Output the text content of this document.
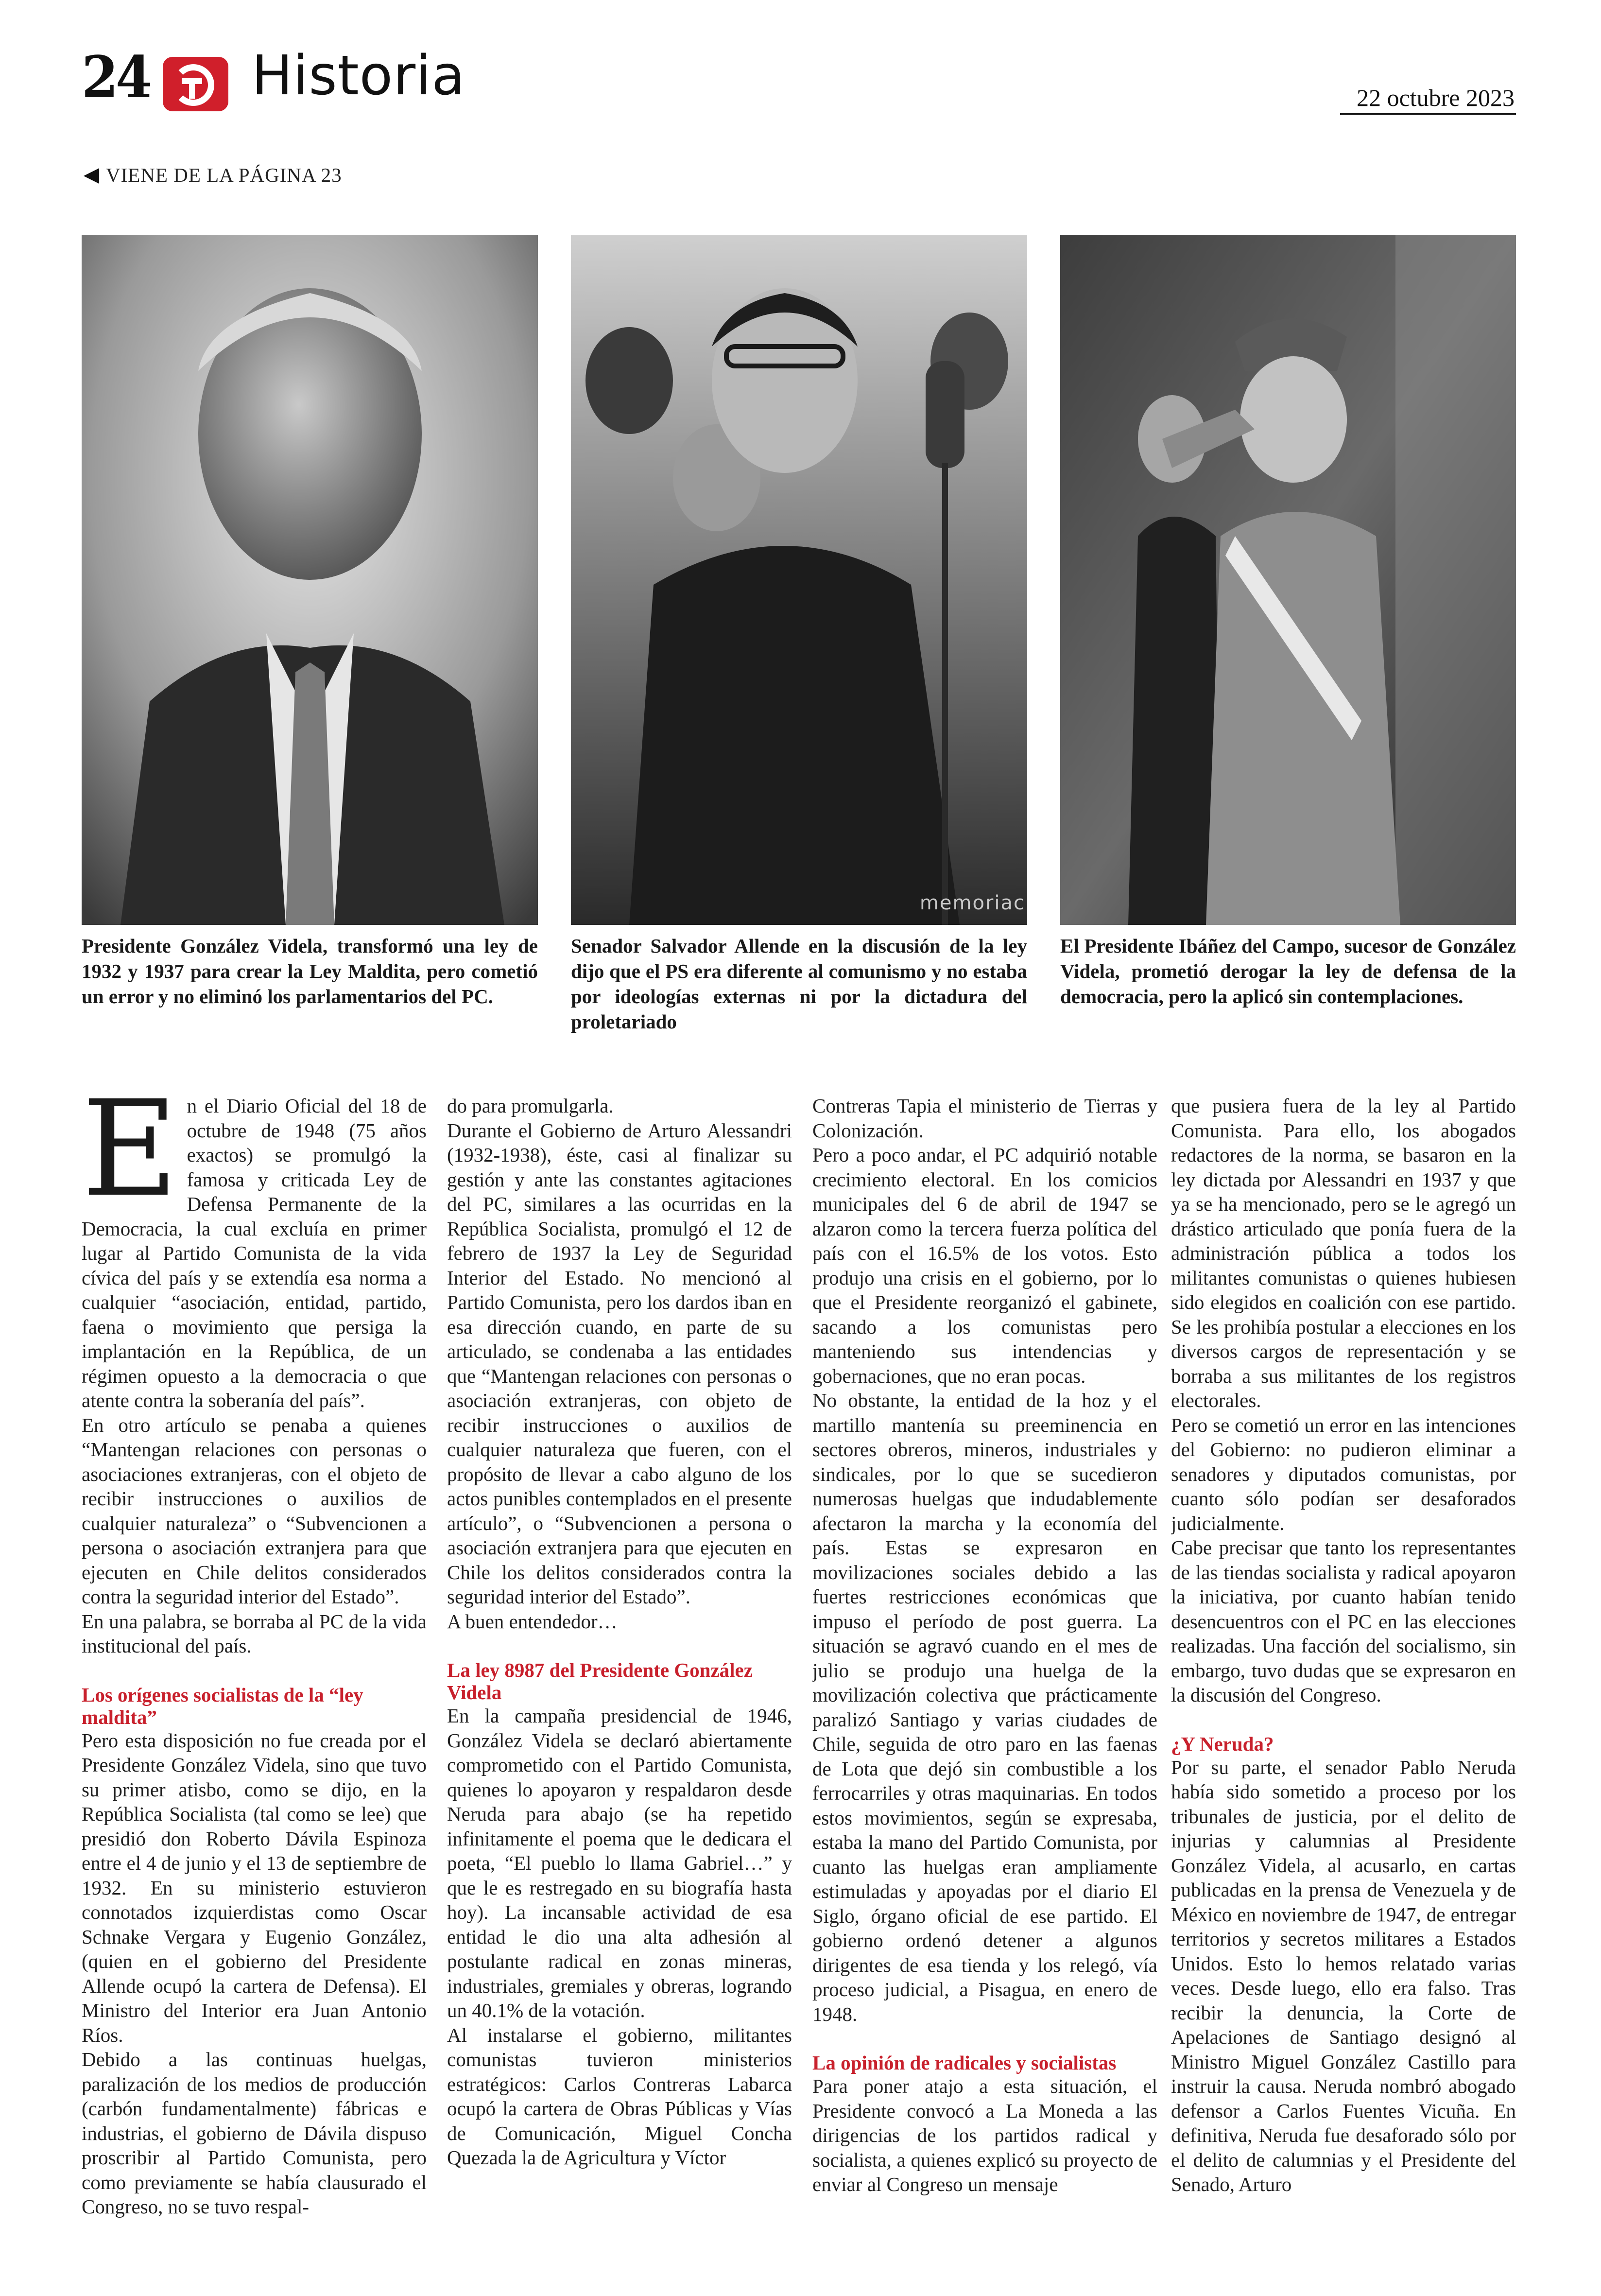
24 Historia	22 octubre 2023
VIENE DE LA PÁGINA 23
memoriac
Presidente González Videla, transformó una ley de 1932 y 1937 para crear la Ley Maldita, pero cometió un error y no eliminó los parlamentarios del PC.
Senador Salvador Allende en la discusión de la ley dijo que el PS era diferente al comunismo y no estaba por ideologías externas ni por la dictadura del proletariado
El Presidente Ibáñez del Campo, sucesor de González Videla, prometió derogar la ley de defensa de la democracia, pero la aplicó sin contemplaciones.
E n el Diario Oficial del 18 de octubre de 1948 (75 años exactos) se promulgó la famosa y criticada Ley de Defensa Permanente de la Democracia, la cual excluía en primer lugar al Partido Comunista de la vida cívica del país y se extendía esa norma a cualquier “asociación, entidad, partido, faena o movimiento que persiga la implantación en la República, de un régimen opuesto a la democracia o que atente contra la soberanía del país”.

En otro artículo se penaba a quienes “Mantengan relaciones con personas o asociaciones extranjeras, con el objeto de recibir instrucciones o auxilios de cualquier naturaleza” o “Subvencionen a persona o asociación extranjera para que ejecuten en Chile delitos considerados contra la seguridad interior del Estado”.

En una palabra, se borraba al PC de la vida institucional del país.

Los orígenes socialistas de la “ley maldita”

Pero esta disposición no fue creada por el Presidente González Videla, sino que tuvo su primer atisbo, como se dijo, en la República Socialista (tal como se lee) que presidió don Roberto Dávila Espinoza entre el 4 de junio y el 13 de septiembre de 1932. En su ministerio estuvieron connotados izquierdistas como Oscar Schnake Vergara y Eugenio González, (quien en el gobierno del Presidente Allende ocupó la cartera de Defensa). El Ministro del Interior era Juan Antonio Ríos.

Debido a las continuas huelgas, paralización de los medios de producción (carbón fundamentalmente) fábricas e industrias, el gobierno de Dávila dispuso proscribir al Partido Comunista, pero como previamente se había clausurado el Congreso, no se tuvo respal-

do para promulgarla.

Durante el Gobierno de Arturo Alessandri (1932-1938), éste, casi al finalizar su gestión y ante las constantes agitaciones del PC, similares a las ocurridas en la República Socialista, promulgó el 12 de febrero de 1937 la Ley de Seguridad Interior del Estado. No mencionó al Partido Comunista, pero los dardos iban en esa dirección cuando, en parte de su articulado, se condenaba a las entidades que “Mantengan relaciones con personas o asociación extranjeras, con objeto de recibir instrucciones o auxilios de cualquier naturaleza que fueren, con el propósito de llevar a cabo alguno de los actos punibles contemplados en el presente artículo”, o “Subvencionen a persona o asociación extranjera para que ejecuten en Chile los delitos considerados contra la seguridad interior del Estado”.

A buen entendedor…

La ley 8987 del Presidente González Videla

En la campaña presidencial de 1946, González Videla se declaró abiertamente comprometido con el Partido Comunista, quienes lo apoyaron y respaldaron desde Neruda para abajo (se ha repetido infinitamente el poema que le dedicara el poeta, “El pueblo lo llama Gabriel…” y que le es restregado en su biografía hasta hoy). La incansable actividad de esa entidad le dio una alta adhesión al postulante radical en zonas mineras, industriales, gremiales y obreras, logrando un 40.1% de la votación.

Al instalarse el gobierno, militantes comunistas tuvieron ministerios estratégicos: Carlos Contreras Labarca ocupó la cartera de Obras Públicas y Vías de Comunicación, Miguel Concha Quezada la de Agricultura y Víctor

Contreras Tapia el ministerio de Tierras y Colonización.

Pero a poco andar, el PC adquirió notable crecimiento electoral. En los comicios municipales del 6 de abril de 1947 se alzaron como la tercera fuerza política del país con el 16.5% de los votos. Esto produjo una crisis en el gobierno, por lo que el Presidente reorganizó el gabinete, sacando a los comunistas pero manteniendo sus intendencias y gobernaciones, que no eran pocas.

No obstante, la entidad de la hoz y el martillo mantenía su preeminencia en sectores obreros, mineros, industriales y sindicales, por lo que se sucedieron numerosas huelgas que indudablemente afectaron la marcha y la economía del país. Estas se expresaron en movilizaciones sociales debido a las fuertes restricciones económicas que impuso el período de post guerra. La situación se agravó cuando en el mes de julio se produjo una huelga de la movilización colectiva que prácticamente paralizó Santiago y varias ciudades de Chile, seguida de otro paro en las faenas de Lota que dejó sin combustible a los ferrocarriles y otras maquinarias. En todos estos movimientos, según se expresaba, estaba la mano del Partido Comunista, por cuanto las huelgas eran ampliamente estimuladas y apoyadas por el diario El Siglo, órgano oficial de ese partido. El gobierno ordenó detener a algunos dirigentes de esa tienda y los relegó, vía proceso judicial, a Pisagua, en enero de 1948.

La opinión de radicales y socialistas

Para poner atajo a esta situación, el Presidente convocó a La Moneda a las dirigencias de los partidos radical y socialista, a quienes explicó su proyecto de enviar al Congreso un mensaje

que pusiera fuera de la ley al Partido Comunista. Para ello, los abogados redactores de la norma, se basaron en la ley dictada por Alessandri en 1937 y que ya se ha mencionado, pero se le agregó un drástico articulado que ponía fuera de la administración pública a todos los militantes comunistas o quienes hubiesen sido elegidos en coalición con ese partido. Se les prohibía postular a elecciones en los diversos cargos de representación y se borraba a sus militantes de los registros electorales.

Pero se cometió un error en las intenciones del Gobierno: no pudieron eliminar a senadores y diputados comunistas, por cuanto sólo podían ser desaforados judicialmente.

Cabe precisar que tanto los representantes de las tiendas socialista y radical apoyaron la iniciativa, por cuanto habían tenido desencuentros con el PC en las elecciones realizadas. Una facción del socialismo, sin embargo, tuvo dudas que se expresaron en la discusión del Congreso.

¿Y Neruda?

Por su parte, el senador Pablo Neruda había sido sometido a proceso por los tribunales de justicia, por el delito de injurias y calumnias al Presidente González Videla, al acusarlo, en cartas publicadas en la prensa de Venezuela y de México en noviembre de 1947, de entregar territorios y secretos militares a Estados Unidos. Esto lo hemos relatado varias veces. Desde luego, ello era falso. Tras recibir la denuncia, la Corte de Apelaciones de Santiago designó al Ministro Miguel González Castillo para instruir la causa. Neruda nombró abogado defensor a Carlos Fuentes Vicuña. En definitiva, Neruda fue desaforado sólo por el delito de calumnias y el Presidente del Senado, Arturo
